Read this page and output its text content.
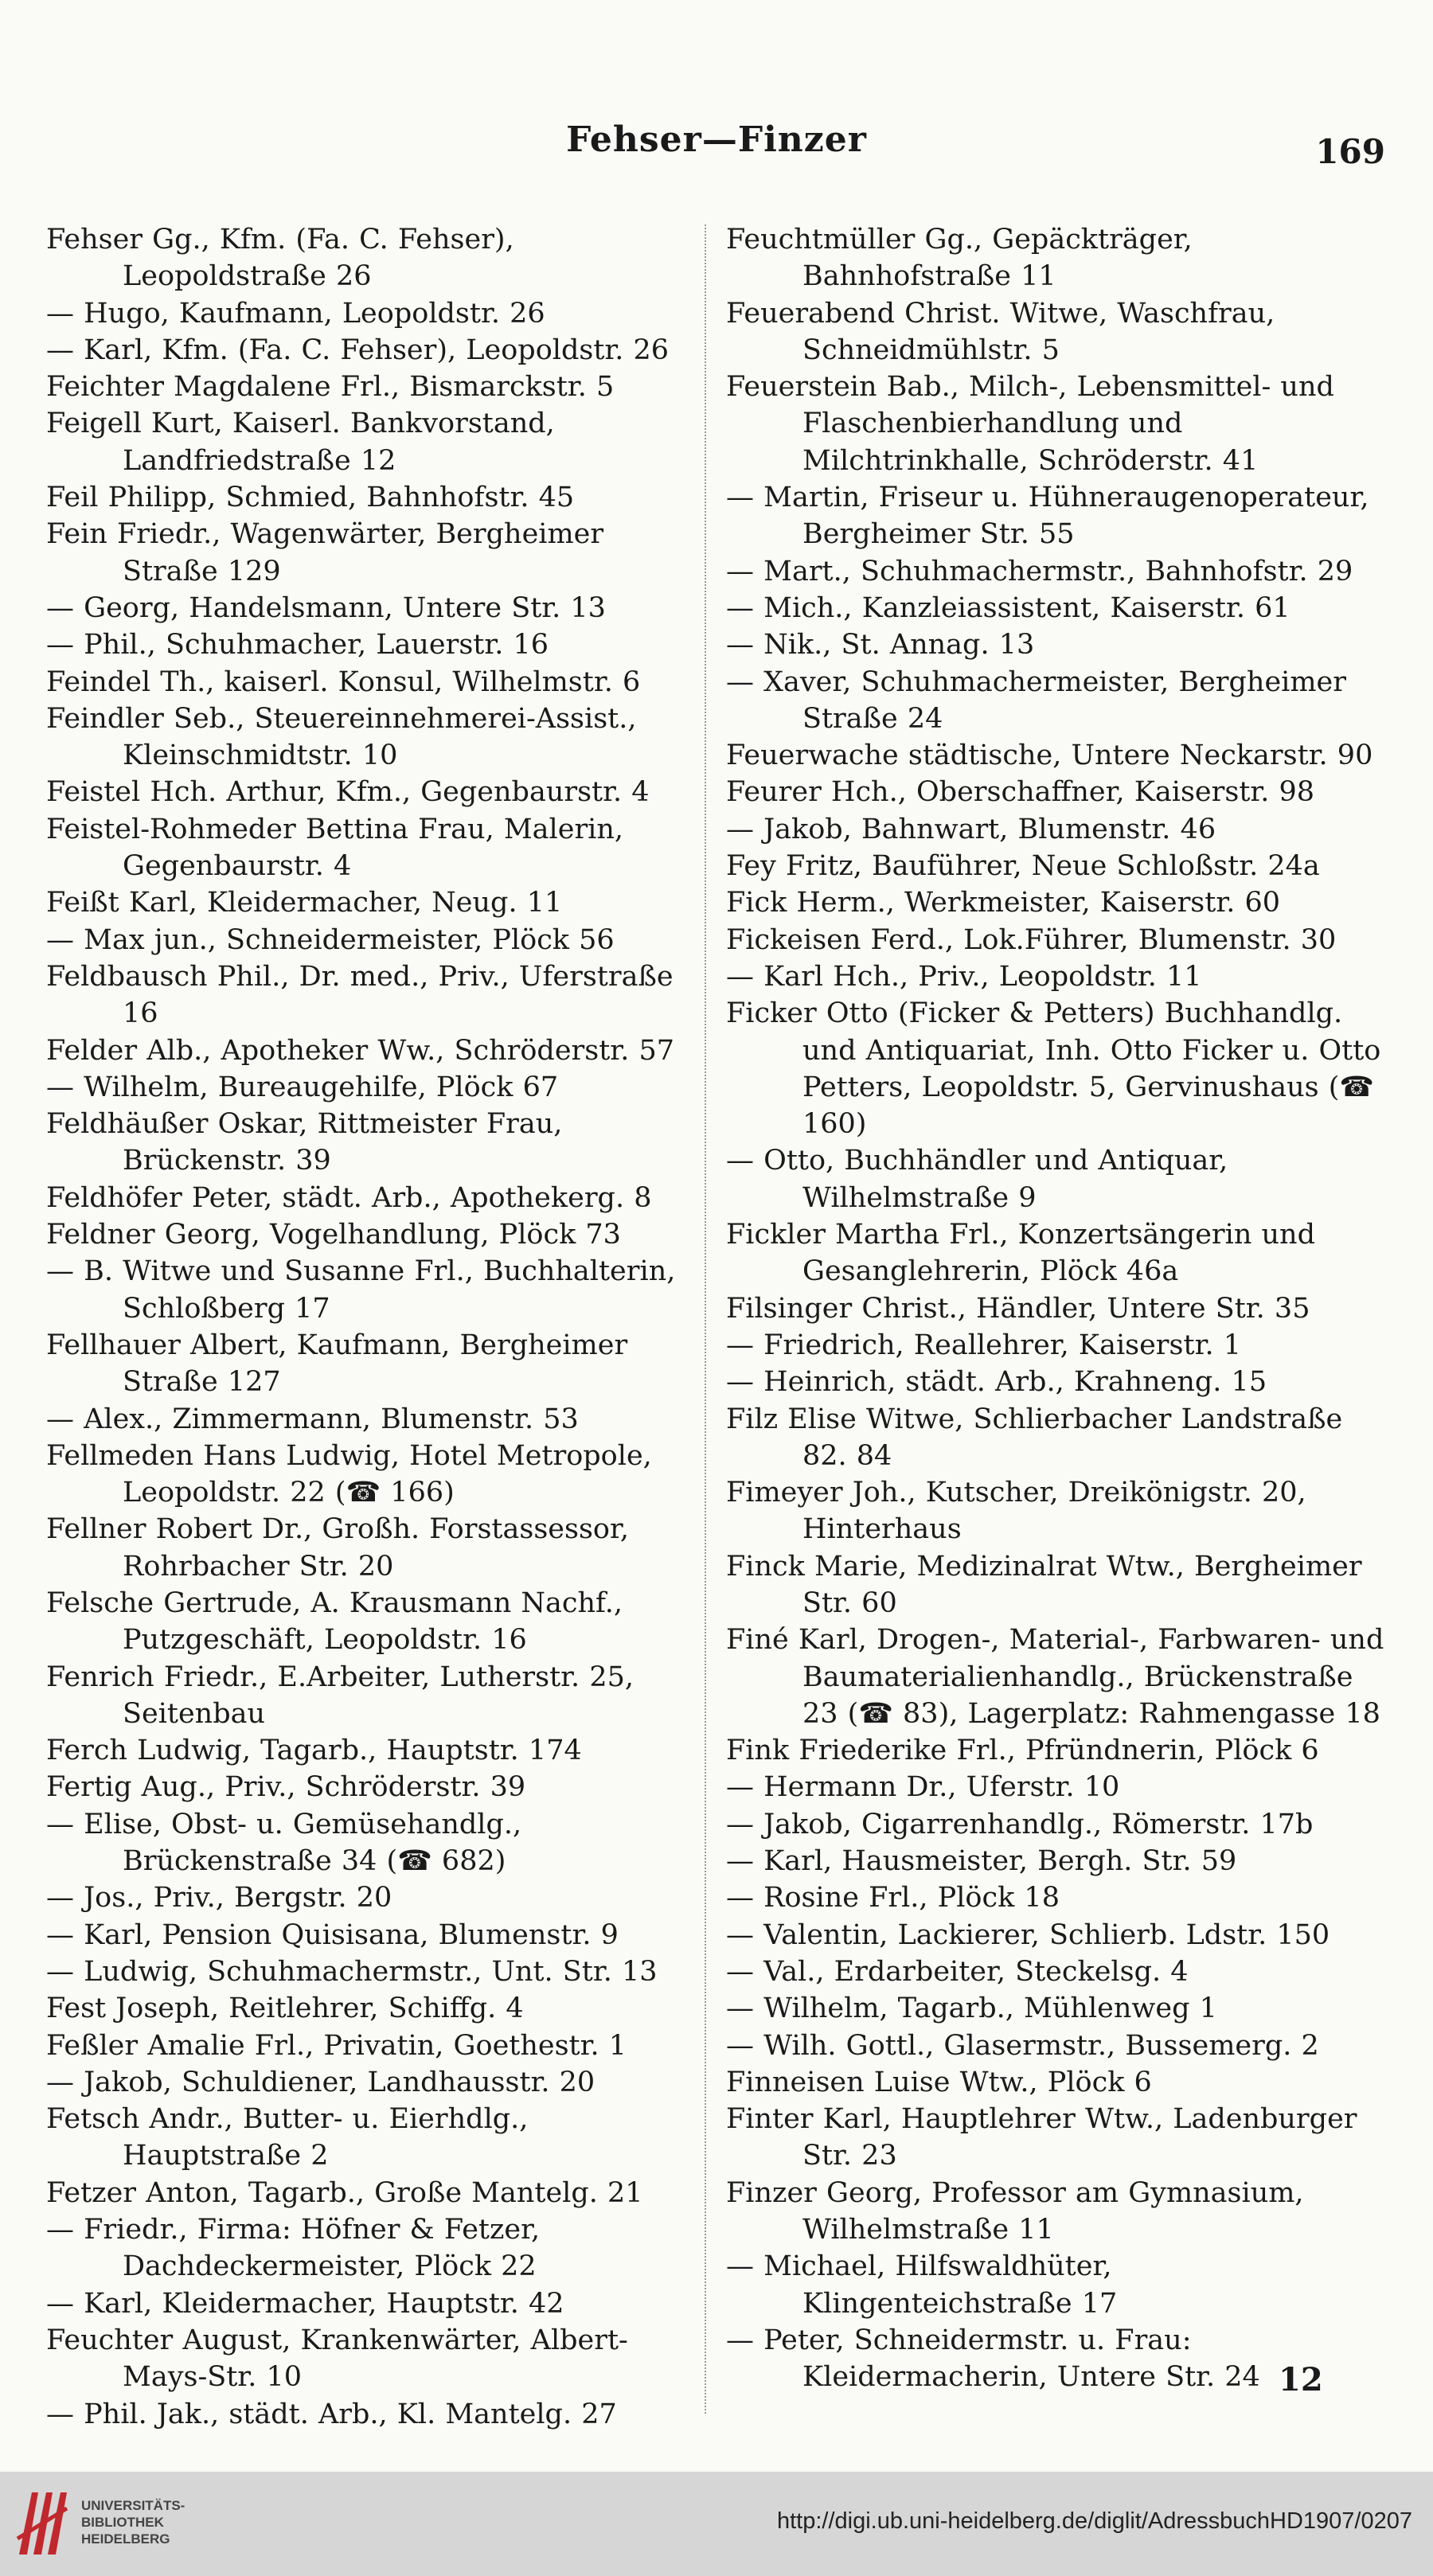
Fehser—Finzer	169
Fehser Gg., Kfm. (Fa. C. Fehser), Leopoldstraße 26
— Hugo, Kaufmann, Leopoldstr. 26
— Karl, Kfm. (Fa. C. Fehser), Leopoldstr. 26
Feichter Magdalene Frl., Bismarckstr. 5
Feigell Kurt, Kaiserl. Bankvorstand, Landfriedstraße 12
Feil Philipp, Schmied, Bahnhofstr. 45
Fein Friedr., Wagenwärter, Bergheimer Straße 129
— Georg, Handelsmann, Untere Str. 13
— Phil., Schuhmacher, Lauerstr. 16
Feindel Th., kaiserl. Konsul, Wilhelmstr. 6
Feindler Seb., Steuereinnehmerei-Assist., Kleinschmidtstr. 10
Feistel Hch. Arthur, Kfm., Gegenbaurstr. 4
Feistel-Rohmeder Bettina Frau, Malerin, Gegenbaurstr. 4
Feißt Karl, Kleidermacher, Neug. 11
— Max jun., Schneidermeister, Plöck 56
Feldbausch Phil., Dr. med., Priv., Uferstraße 16
Felder Alb., Apotheker Ww., Schröderstr. 57
— Wilhelm, Bureaugehilfe, Plöck 67
Feldhäußer Oskar, Rittmeister Frau, Brückenstr. 39
Feldhöfer Peter, städt. Arb., Apothekerg. 8
Feldner Georg, Vogelhandlung, Plöck 73
— B. Witwe und Susanne Frl., Buchhalterin, Schloßberg 17
Fellhauer Albert, Kaufmann, Bergheimer Straße 127
— Alex., Zimmermann, Blumenstr. 53
Fellmeden Hans Ludwig, Hotel Metropole, Leopoldstr. 22 (☎ 166)
Fellner Robert Dr., Großh. Forstassessor, Rohrbacher Str. 20
Felsche Gertrude, A. Krausmann Nachf., Putzgeschäft, Leopoldstr. 16
Fenrich Friedr., E.Arbeiter, Lutherstr. 25, Seitenbau
Ferch Ludwig, Tagarb., Hauptstr. 174
Fertig Aug., Priv., Schröderstr. 39
— Elise, Obst- u. Gemüsehandlg., Brückenstraße 34 (☎ 682)
— Jos., Priv., Bergstr. 20
— Karl, Pension Quisisana, Blumenstr. 9
— Ludwig, Schuhmachermstr., Unt. Str. 13
Fest Joseph, Reitlehrer, Schiffg. 4
Feßler Amalie Frl., Privatin, Goethestr. 1
— Jakob, Schuldiener, Landhausstr. 20
Fetsch Andr., Butter- u. Eierhdlg., Hauptstraße 2
Fetzer Anton, Tagarb., Große Mantelg. 21
— Friedr., Firma: Höfner & Fetzer, Dachdeckermeister, Plöck 22
— Karl, Kleidermacher, Hauptstr. 42
Feuchter August, Krankenwärter, Albert-Mays-Str. 10
— Phil. Jak., städt. Arb., Kl. Mantelg. 27
Feuchtmüller Gg., Gepäckträger, Bahnhofstraße 11
Feuerabend Christ. Witwe, Waschfrau, Schneidmühlstr. 5
Feuerstein Bab., Milch-, Lebensmittel- und Flaschenbierhandlung und Milchtrinkhalle, Schröderstr. 41
— Martin, Friseur u. Hühneraugenoperateur, Bergheimer Str. 55
— Mart., Schuhmachermstr., Bahnhofstr. 29
— Mich., Kanzleiassistent, Kaiserstr. 61
— Nik., St. Annag. 13
— Xaver, Schuhmachermeister, Bergheimer Straße 24
Feuerwache städtische, Untere Neckarstr. 90
Feurer Hch., Oberschaffner, Kaiserstr. 98
— Jakob, Bahnwart, Blumenstr. 46
Fey Fritz, Bauführer, Neue Schloßstr. 24a
Fick Herm., Werkmeister, Kaiserstr. 60
Fickeisen Ferd., Lok.Führer, Blumenstr. 30
— Karl Hch., Priv., Leopoldstr. 11
Ficker Otto (Ficker & Petters) Buchhandlg. und Antiquariat, Inh. Otto Ficker u. Otto Petters, Leopoldstr. 5, Gervinushaus (☎ 160)
— Otto, Buchhändler und Antiquar, Wilhelmstraße 9
Fickler Martha Frl., Konzertsängerin und Gesanglehrerin, Plöck 46a
Filsinger Christ., Händler, Untere Str. 35
— Friedrich, Reallehrer, Kaiserstr. 1
— Heinrich, städt. Arb., Krahneng. 15
Filz Elise Witwe, Schlierbacher Landstraße 82. 84
Fimeyer Joh., Kutscher, Dreikönigstr. 20, Hinterhaus
Finck Marie, Medizinalrat Wtw., Bergheimer Str. 60
Finé Karl, Drogen-, Material-, Farbwaren- und Baumaterialienhandlg., Brückenstraße 23 (☎ 83), Lagerplatz: Rahmengasse 18
Fink Friederike Frl., Pfründnerin, Plöck 6
— Hermann Dr., Uferstr. 10
— Jakob, Cigarrenhandlg., Römerstr. 17b
— Karl, Hausmeister, Bergh. Str. 59
— Rosine Frl., Plöck 18
— Valentin, Lackierer, Schlierb. Ldstr. 150
— Val., Erdarbeiter, Steckelsg. 4
— Wilhelm, Tagarb., Mühlenweg 1
— Wilh. Gottl., Glasermstr., Bussemerg. 2
Finneisen Luise Wtw., Plöck 6
Finter Karl, Hauptlehrer Wtw., Ladenburger Str. 23
Finzer Georg, Professor am Gymnasium, Wilhelmstraße 11
— Michael, Hilfswaldhüter, Klingenteichstraße 17
— Peter, Schneidermstr. u. Frau: Kleidermacherin, Untere Str. 24 12
UNIVERSITÄTS-
BIBLIOTHEK
HEIDELBERG
http://digi.ub.uni-heidelberg.de/diglit/AdressbuchHD1907/0207
